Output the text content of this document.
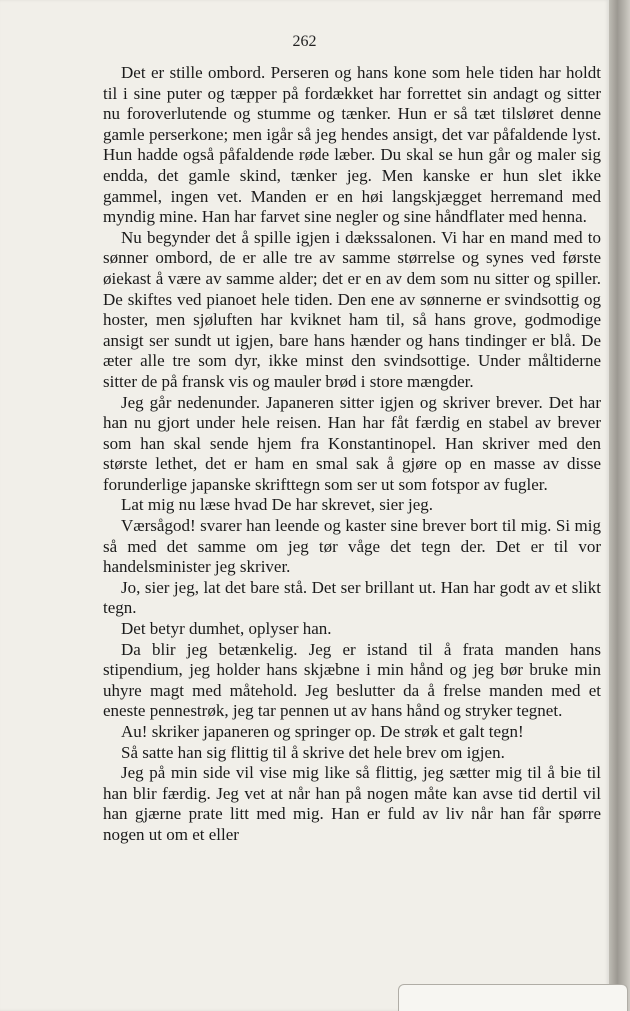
262

Det er stille ombord. Perseren og hans kone som hele tiden har holdt til i sine puter og tæpper på fordækket har forrettet sin andagt og sitter nu foroverlutende og stumme og tænker. Hun er så tæt tilsløret denne gamle perserkone; men igår så jeg hendes ansigt, det var påfaldende lyst. Hun hadde også påfaldende røde læber. Du skal se hun går og maler sig endda, det gamle skind, tænker jeg. Men kanske er hun slet ikke gammel, ingen vet. Manden er en høi langskjægget herremand med myndig mine. Han har farvet sine negler og sine håndflater med henna.

Nu begynder det å spille igjen i dækssalonen. Vi har en mand med to sønner ombord, de er alle tre av samme størrelse og synes ved første øiekast å være av samme alder; det er en av dem som nu sitter og spiller. De skiftes ved pianoet hele tiden. Den ene av sønnerne er svindsottig og hoster, men sjøluften har kviknet ham til, så hans grove, godmodige ansigt ser sundt ut igjen, bare hans hænder og hans tindinger er blå. De æter alle tre som dyr, ikke minst den svindsottige. Under måltiderne sitter de på fransk vis og mauler brød i store mængder.

Jeg går nedenunder. Japaneren sitter igjen og skriver brever. Det har han nu gjort under hele reisen. Han har fåt færdig en stabel av brever som han skal sende hjem fra Konstantinopel. Han skriver med den største lethet, det er ham en smal sak å gjøre op en masse av disse forunderlige japanske skrifttegn som ser ut som fotspor av fugler.

Lat mig nu læse hvad De har skrevet, sier jeg.

Værsågod! svarer han leende og kaster sine brever bort til mig. Si mig så med det samme om jeg tør våge det tegn der. Det er til vor handelsminister jeg skriver.

Jo, sier jeg, lat det bare stå. Det ser brillant ut. Han har godt av et slikt tegn.

Det betyr dumhet, oplyser han.

Da blir jeg betænkelig. Jeg er istand til å frata manden hans stipendium, jeg holder hans skjæbne i min hånd og jeg bør bruke min uhyre magt med måtehold. Jeg beslutter da å frelse manden med et eneste pennestrøk, jeg tar pennen ut av hans hånd og stryker tegnet.

Au! skriker japaneren og springer op. De strøk et galt tegn!

Så satte han sig flittig til å skrive det hele brev om igjen.

Jeg på min side vil vise mig like så flittig, jeg sætter mig til å bie til han blir færdig. Jeg vet at når han på nogen måte kan avse tid dertil vil han gjærne prate litt med mig. Han er fuld av liv når han får spørre nogen ut om et eller
